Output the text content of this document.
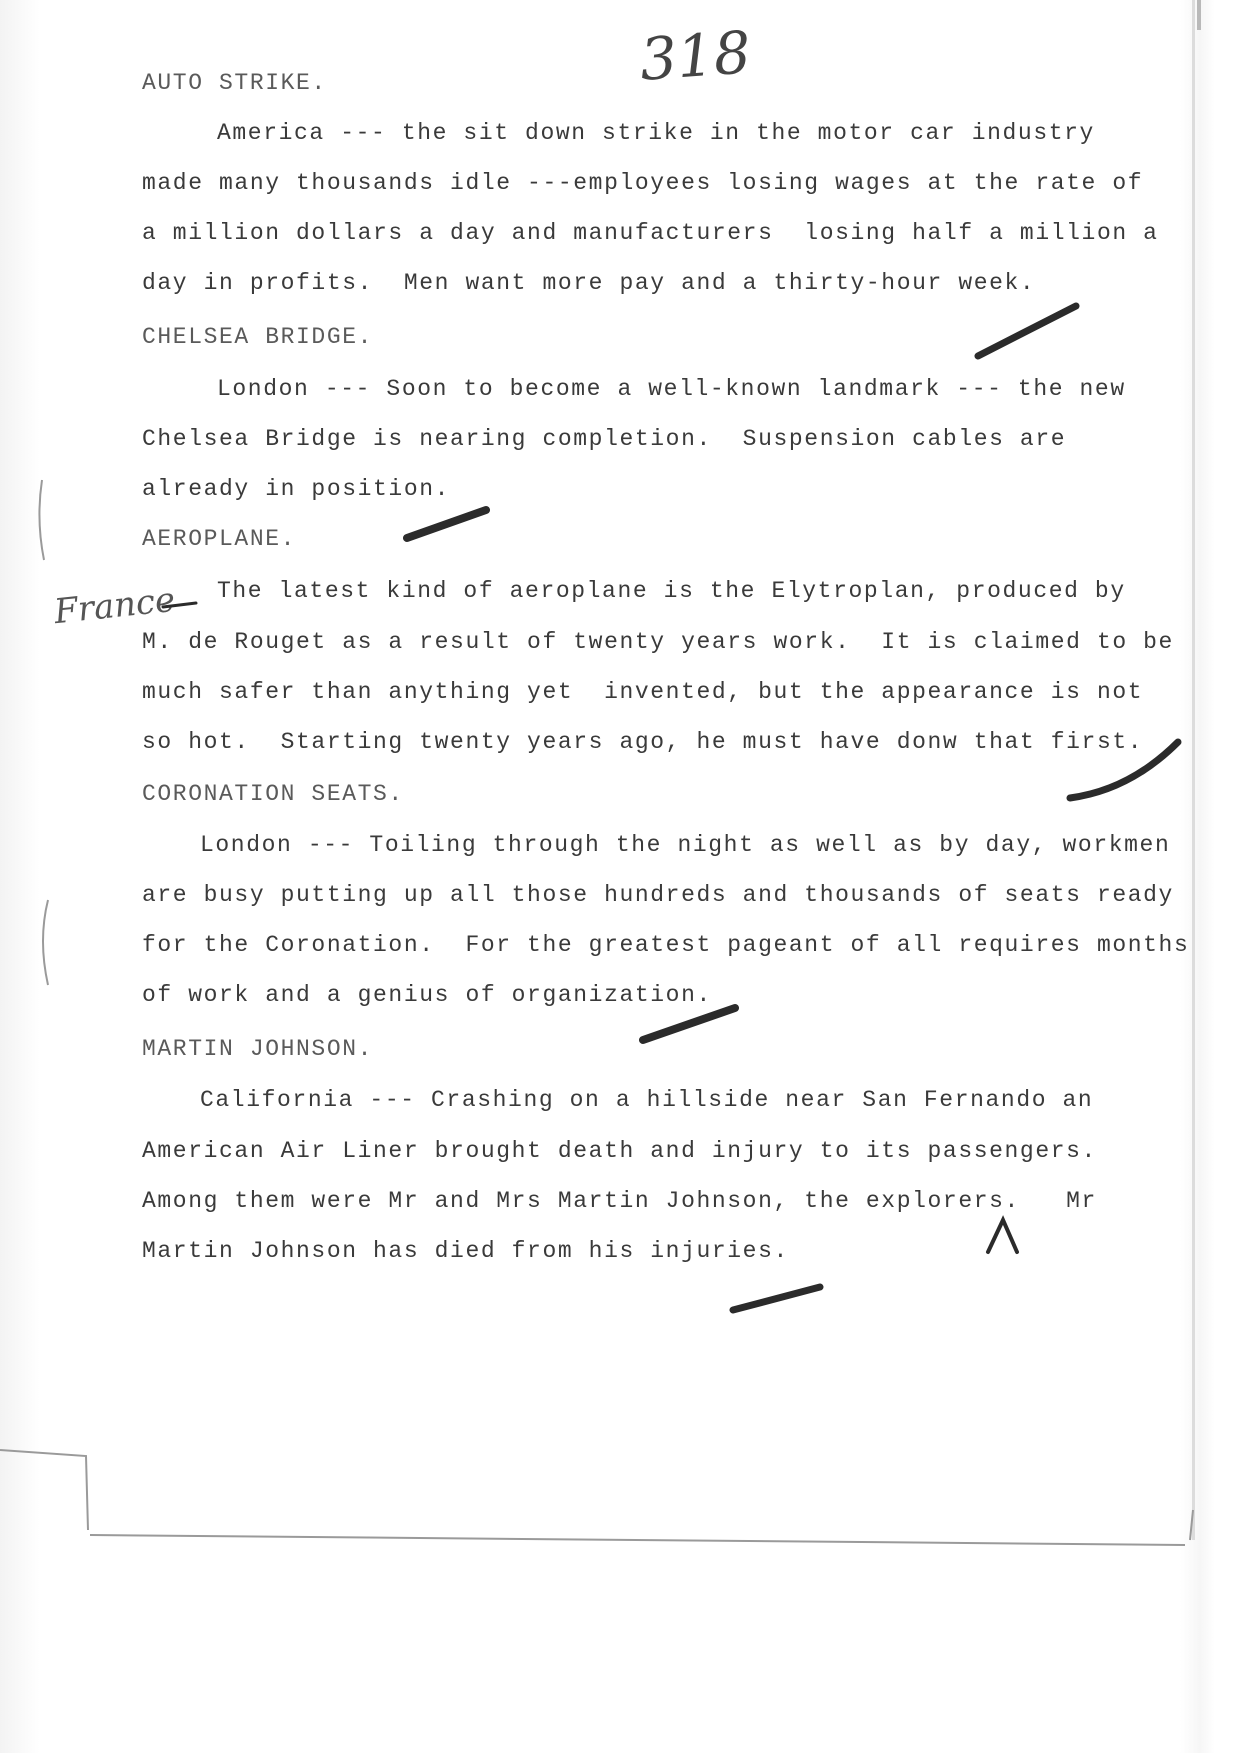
318
AUTO STRIKE.
America --- the sit down strike in the motor car industry
made many thousands idle ---employees losing wages at the rate of
a million dollars a day and manufacturers  losing half a million a
day in profits.  Men want more pay and a thirty-hour week.
CHELSEA BRIDGE.
London --- Soon to become a well-known landmark --- the new
Chelsea Bridge is nearing completion.  Suspension cables are
already in position.
AEROPLANE.
The latest kind of aeroplane is the Elytroplan, produced by
M. de Rouget as a result of twenty years work.  It is claimed to be
much safer than anything yet  invented, but the appearance is not
so hot.  Starting twenty years ago, he must have donw that first.
CORONATION SEATS.
London --- Toiling through the night as well as by day, workmen
are busy putting up all those hundreds and thousands of seats ready
for the Coronation.  For the greatest pageant of all requires months
of work and a genius of organization.
MARTIN JOHNSON.
California --- Crashing on a hillside near San Fernando an
American Air Liner brought death and injury to its passengers.
Among them were Mr and Mrs Martin Johnson, the explorers.   Mr
Martin Johnson has died from his injuries.
France
